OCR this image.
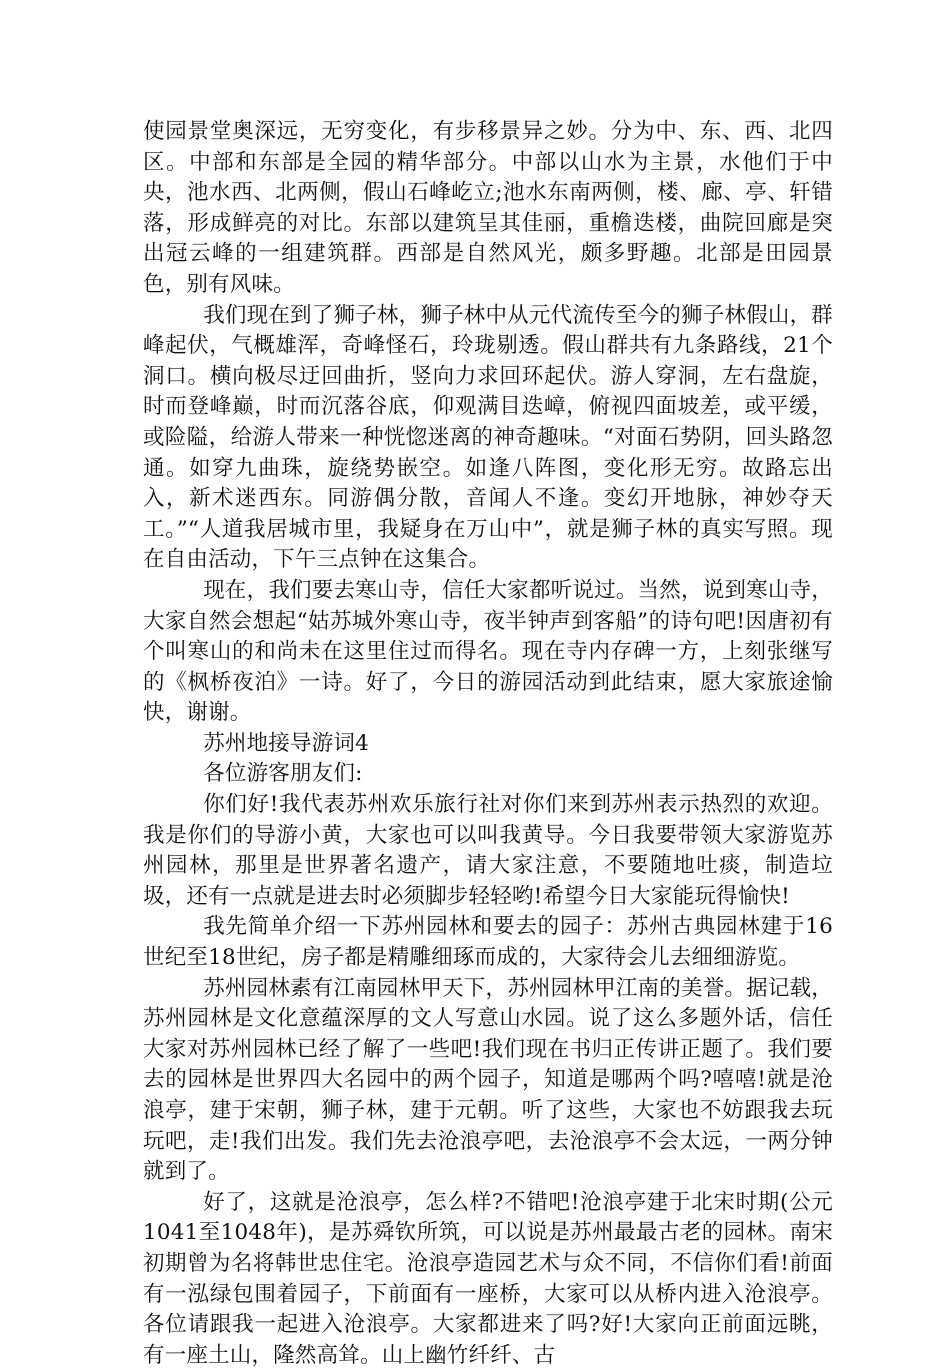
使园景堂奥深远，无穷变化，有步移景异之妙。分为中、东、西、北四区。中部和东部是全园的精华部分。中部以山水为主景，水他们于中央，池水西、北两侧，假山石峰屹立;池水东南两侧，楼、廊、亭、轩错落，形成鲜亮的对比。东部以建筑呈其佳丽，重檐迭楼，曲院回廊是突出冠云峰的一组建筑群。西部是自然风光，颇多野趣。北部是田园景色，别有风味。

我们现在到了狮子林，狮子林中从元代流传至今的狮子林假山，群峰起伏，气概雄浑，奇峰怪石，玲珑剔透。假山群共有九条路线，21个洞口。横向极尽迂回曲折，竖向力求回环起伏。游人穿洞，左右盘旋，时而登峰巅，时而沉落谷底，仰观满目迭嶂，俯视四面坡差，或平缓，或险隘，给游人带来一种恍惚迷离的神奇趣味。“对面石势阴，回头路忽通。如穿九曲珠，旋绕势嵌空。如逢八阵图，变化形无穷。故路忘出入，新术迷西东。同游偶分散，音闻人不逢。变幻开地脉，神妙夺天工。”“人道我居城市里，我疑身在万山中”，就是狮子林的真实写照。现在自由活动，下午三点钟在这集合。

现在，我们要去寒山寺，信任大家都听说过。当然，说到寒山寺，大家自然会想起“姑苏城外寒山寺，夜半钟声到客船”的诗句吧!因唐初有个叫寒山的和尚未在这里住过而得名。现在寺内存碑一方，上刻张继写的《枫桥夜泊》一诗。好了，今日的游园活动到此结束，愿大家旅途愉快，谢谢。

苏州地接导游词4

各位游客朋友们:

你们好!我代表苏州欢乐旅行社对你们来到苏州表示热烈的欢迎。我是你们的导游小黄，大家也可以叫我黄导。今日我要带领大家游览苏州园林，那里是世界著名遗产，请大家注意，不要随地吐痰，制造垃圾，还有一点就是进去时必须脚步轻轻哟!希望今日大家能玩得愉快!

我先简单介绍一下苏州园林和要去的园子：苏州古典园林建于16世纪至18世纪，房子都是精雕细琢而成的，大家待会儿去细细游览。

苏州园林素有江南园林甲天下，苏州园林甲江南的美誉。据记载，苏州园林是文化意蕴深厚的文人写意山水园。说了这么多题外话，信任大家对苏州园林已经了解了一些吧!我们现在书归正传讲正题了。我们要去的园林是世界四大名园中的两个园子，知道是哪两个吗?嘻嘻!就是沧浪亭，建于宋朝，狮子林，建于元朝。听了这些，大家也不妨跟我去玩玩吧，走!我们出发。我们先去沧浪亭吧，去沧浪亭不会太远，一两分钟就到了。

好了，这就是沧浪亭，怎么样?不错吧!沧浪亭建于北宋时期(公元1041至1048年)，是苏舜钦所筑，可以说是苏州最最古老的园林。南宋初期曾为名将韩世忠住宅。沧浪亭造园艺术与众不同，不信你们看!前面有一泓绿包围着园子，下前面有一座桥，大家可以从桥内进入沧浪亭。各位请跟我一起进入沧浪亭。大家都进来了吗?好!大家向正前面远眺，有一座土山，隆然高耸。山上幽竹纤纤、古
